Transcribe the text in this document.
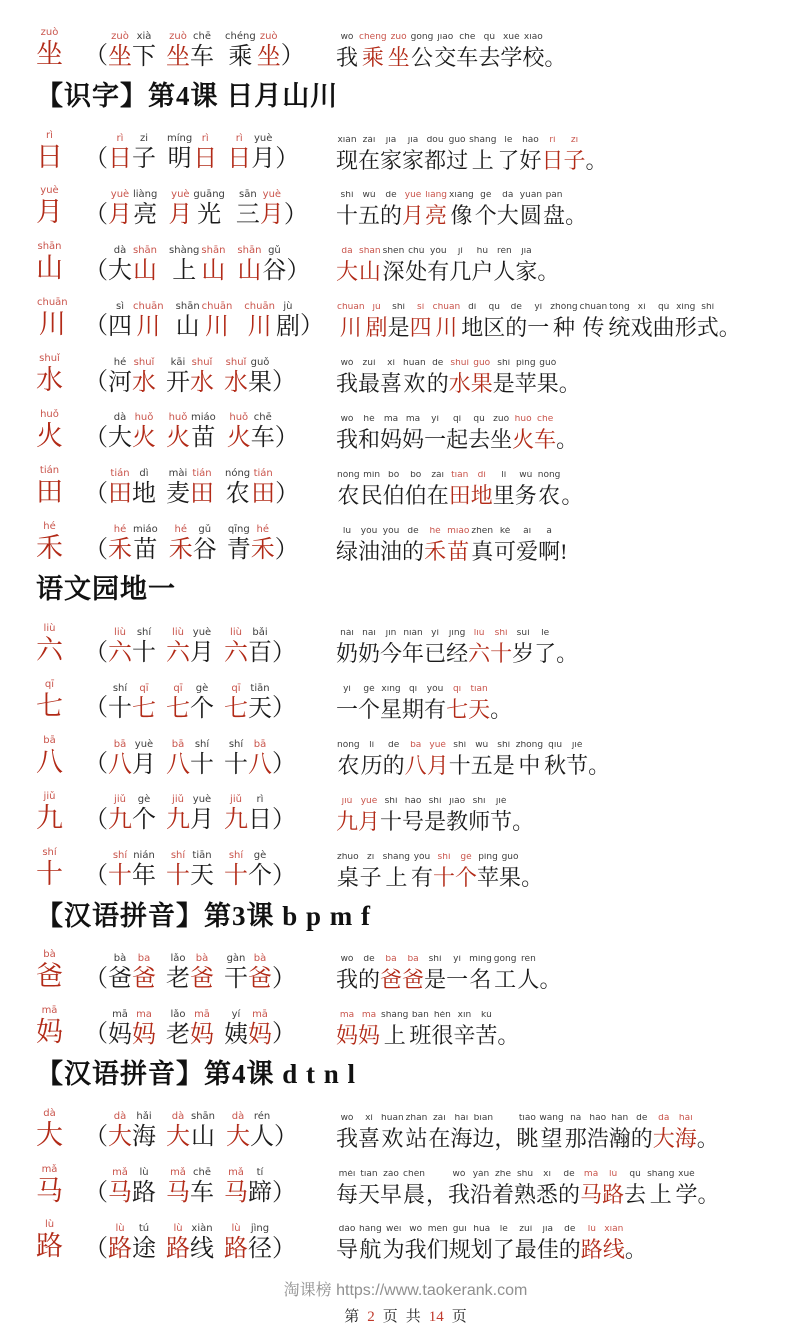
zuò
坐 （
zuò
坐
xià
下
zuò
坐
chē
车
chéng
乘
zuò
坐 ）
wǒ
我
chéng
乘
zuò
坐
gōng
公
jiāo
交
chē
车
qù
去
xué
学
xiào
校 。
【识字】第4课 日月山川
rì
日 （
rì
日
zi
子
míng
明
rì
日
rì
日
yuè
月 ）
xiàn
现
zài
在
jiā
家
jiā
家
dōu
都
guò
过
shàng
上
le
了
hǎo
好
rì
日
zi
子 。
yuè
月 （
yuè
月
liàng
亮
yuè
月
guāng
光
sān
三
yuè
月 ）
shí
十
wǔ
五
de
的
yuè
月
liàng
亮
xiàng
像
gè
个
dà
大
yuán
圆
pán
盘 。
shān
山 （
dà
大
shān
山
shàng
上
shān
山
shān
山
gǔ
谷 ）
dà
大
shān
山
shēn
深
chù
处
yǒu
有
jǐ
几
hù
户
rén
人
jiā
家 。
chuān
川 （
sì
四
chuān
川
shān
山
chuān
川
chuān
川
jù
剧 ）
chuān
川
jù
剧
shì
是
sì
四
chuān
川
dì
地
qū
区
de
的
yì
一
zhǒng
种
chuán
传
tǒng
统
xì
戏
qǔ
曲
xíng
形
shì
式 。
shuǐ
水 （
hé
河
shuǐ
水
kāi
开
shuǐ
水
shuǐ
水
guǒ
果 ）
wǒ
我
zuì
最
xǐ
喜
huān
欢
de
的
shuǐ
水
guǒ
果
shì
是
píng
苹
guǒ
果 。
huǒ
火 （
dà
大
huǒ
火
huǒ
火
miáo
苗
huǒ
火
chē
车 ）
wǒ
我
hé
和
mā
妈
ma
妈
yì
一
qǐ
起
qù
去
zuò
坐
huǒ
火
chē
车 。
tián
田 （
tián
田
dì
地
mài
麦
tián
田
nóng
农
tián
田 ）
nóng
农
mín
民
bó
伯
bo
伯
zài
在
tián
田
dì
地
lǐ
里
wù
务
nóng
农 。
hé
禾 （
hé
禾
miáo
苗
hé
禾
gǔ
谷
qīng
青
hé
禾 ）
lǜ
绿
yóu
油
yóu
油
de
的
hé
禾
miáo
苗
zhēn
真
kě
可
ài
爱
a
啊 !
语文园地一
liù
六 （
liù
六
shí
十
liù
六
yuè
月
liù
六
bǎi
百 ）
nǎi
奶
nai
奶
jīn
今
nián
年
yǐ
已
jīng
经
liù
六
shí
十
suì
岁
le
了 。
qī
七 （
shí
十
qī
七
qī
七
gè
个
qī
七
tiān
天 ）
yí
一
gè
个
xīng
星
qī
期
yǒu
有
qī
七
tiān
天 。
bā
八 （
bā
八
yuè
月
bā
八
shí
十
shí
十
bā
八 ）
nóng
农
lì
历
de
的
bā
八
yuè
月
shí
十
wǔ
五
shì
是
zhōng
中
qiū
秋
jié
节 。
jiǔ
九 （
jiǔ
九
gè
个
jiǔ
九
yuè
月
jiǔ
九
rì
日 ）
jiǔ
九
yuè
月
shí
十
hào
号
shì
是
jiào
教
shī
师
jié
节 。
shí
十 （
shí
十
nián
年
shí
十
tiān
天
shí
十
gè
个 ）
zhuō
桌
zi
子
shàng
上
yǒu
有
shí
十
gè
个
píng
苹
guǒ
果 。
【汉语拼音】第3课 b p m f
bà
爸 （
bà
爸
ba
爸
lǎo
老
bà
爸
gàn
干
bà
爸 ）
wǒ
我
de
的
bà
爸
ba
爸
shì
是
yì
一
míng
名
gōng
工
rén
人 。
mā
妈 （
mā
妈
ma
妈
lǎo
老
mā
妈
yí
姨
mā
妈 ）
mā
妈
ma
妈
shàng
上
bān
班
hěn
很
xīn
辛
kǔ
苦 。
【汉语拼音】第4课 d t n l
dà
大 （
dà
大
hǎi
海
dà
大
shān
山
dà
大
rén
人 ）
wǒ
我
xǐ
喜
huān
欢
zhàn
站
zài
在
hǎi
海
biān
边 ，
tiào
眺
wàng
望
nà
那
hào
浩
hàn
瀚
de
的
dà
大
hǎi
海 。
mǎ
马 （
mǎ
马
lù
路
mǎ
马
chē
车
mǎ
马
tí
蹄 ）
měi
每
tiān
天
zǎo
早
chén
晨 ，
wǒ
我
yán
沿
zhe
着
shú
熟
xī
悉
de
的
mǎ
马
lù
路
qù
去
shàng
上
xué
学 。
lù
路 （
lù
路
tú
途
lù
路
xiàn
线
lù
路
jìng
径 ）
dǎo
导
háng
航
wèi
为
wǒ
我
mén
们
guī
规
huà
划
le
了
zuì
最
jiā
佳
de
的
lù
路
xiàn
线 。
淘课榜 https://www.taokerank.com
第 2 页 共 14 页
